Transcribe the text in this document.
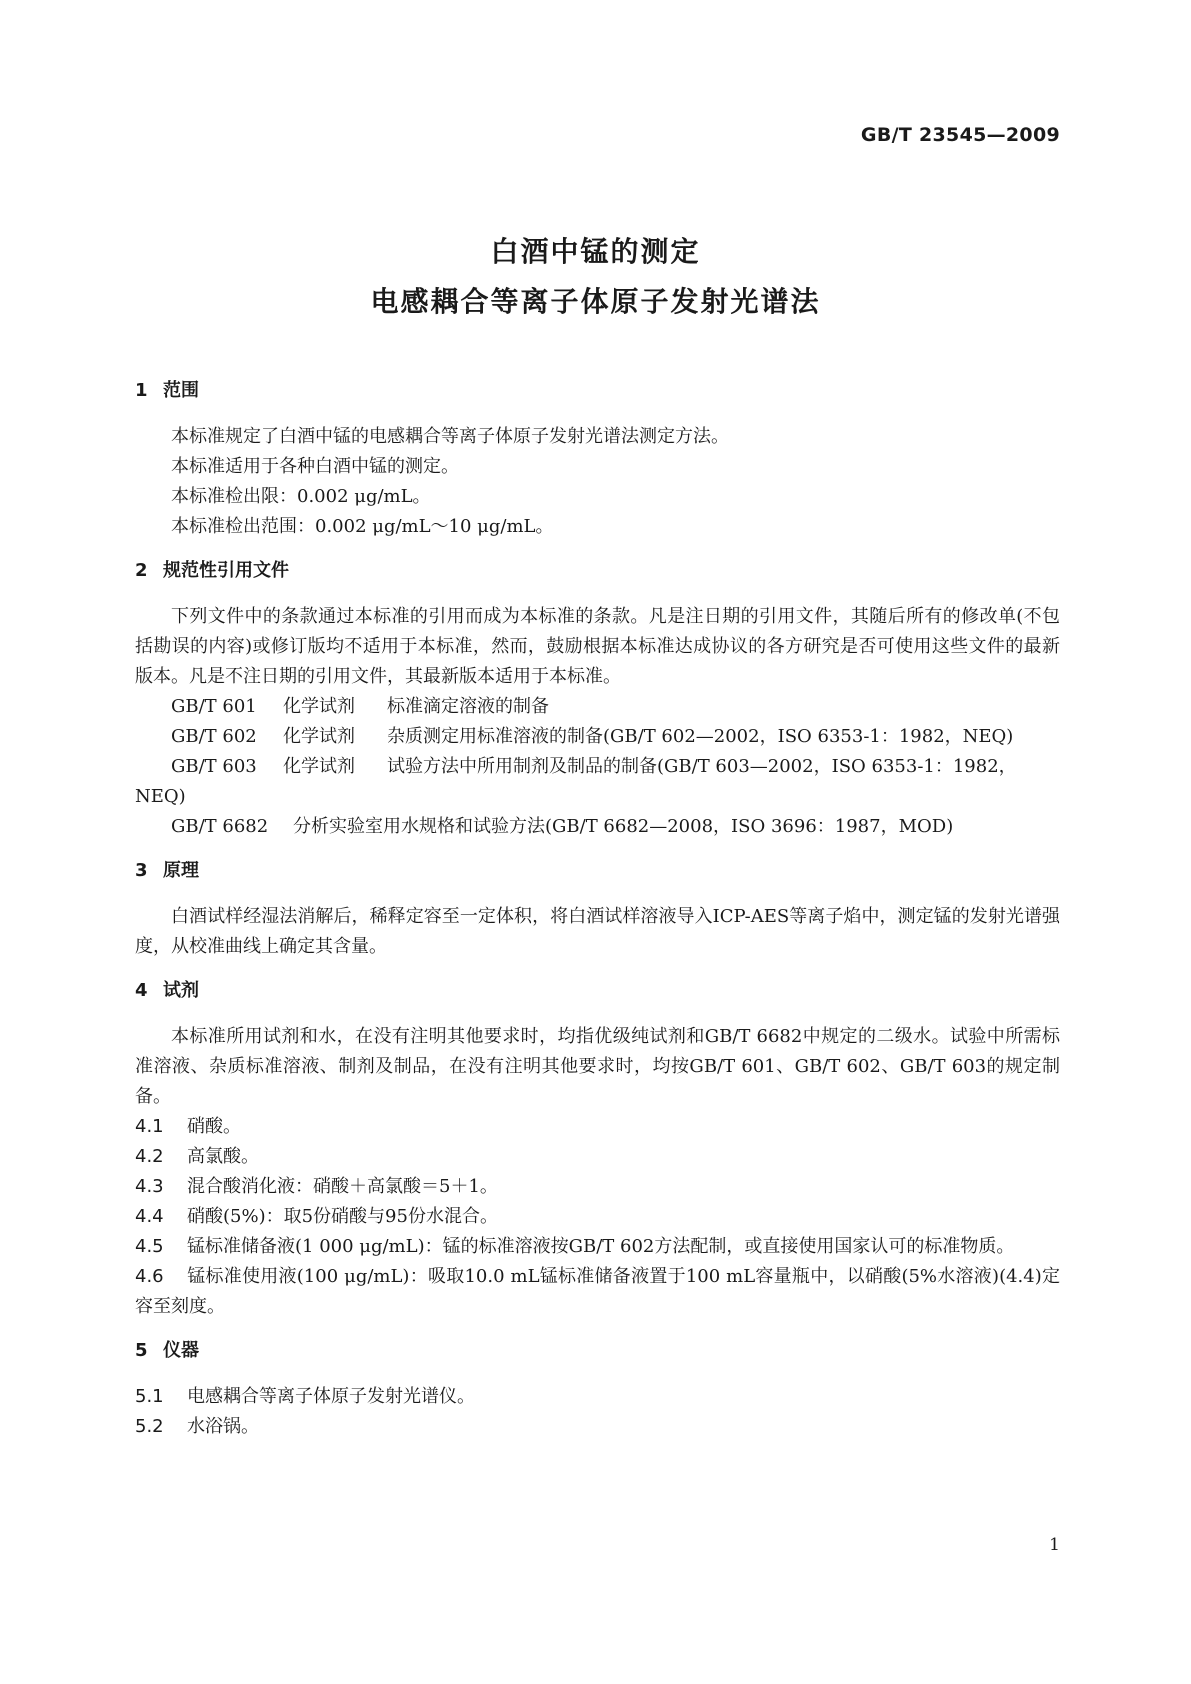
GB/T 23545—2009
白酒中锰的测定
电感耦合等离子体原子发射光谱法
1 范围
本标准规定了白酒中锰的电感耦合等离子体原子发射光谱法测定方法。
本标准适用于各种白酒中锰的测定。
本标准检出限：0.002 μg/mL。
本标准检出范围：0.002 μg/mL～10 μg/mL。
2 规范性引用文件
下列文件中的条款通过本标准的引用而成为本标准的条款。凡是注日期的引用文件，其随后所有的修改单(不包括勘误的内容)或修订版均不适用于本标准，然而，鼓励根据本标准达成协议的各方研究是否可使用这些文件的最新版本。凡是不注日期的引用文件，其最新版本适用于本标准。
GB/T 601 化学试剂 标准滴定溶液的制备
GB/T 602 化学试剂 杂质测定用标准溶液的制备(GB/T 602—2002，ISO 6353-1：1982，NEQ)
GB/T 603 化学试剂 试验方法中所用制剂及制品的制备(GB/T 603—2002，ISO 6353-1：1982，
NEQ)
GB/T 6682 分析实验室用水规格和试验方法(GB/T 6682—2008，ISO 3696：1987，MOD)
3 原理
白酒试样经湿法消解后，稀释定容至一定体积，将白酒试样溶液导入ICP-AES等离子焰中，测定锰的发射光谱强度，从校准曲线上确定其含量。
4 试剂
本标准所用试剂和水，在没有注明其他要求时，均指优级纯试剂和GB/T 6682中规定的二级水。试验中所需标准溶液、杂质标准溶液、制剂及制品，在没有注明其他要求时，均按GB/T 601、GB/T 602、GB/T 603的规定制备。
4.1 硝酸。
4.2 高氯酸。
4.3 混合酸消化液：硝酸＋高氯酸＝5＋1。
4.4 硝酸(5%)：取5份硝酸与95份水混合。
4.5 锰标准储备液(1 000 μg/mL)：锰的标准溶液按GB/T 602方法配制，或直接使用国家认可的标准物质。
4.6 锰标准使用液(100 μg/mL)：吸取10.0 mL锰标准储备液置于100 mL容量瓶中，以硝酸(5%水溶液)(4.4)定容至刻度。
5 仪器
5.1 电感耦合等离子体原子发射光谱仪。
5.2 水浴锅。
1
